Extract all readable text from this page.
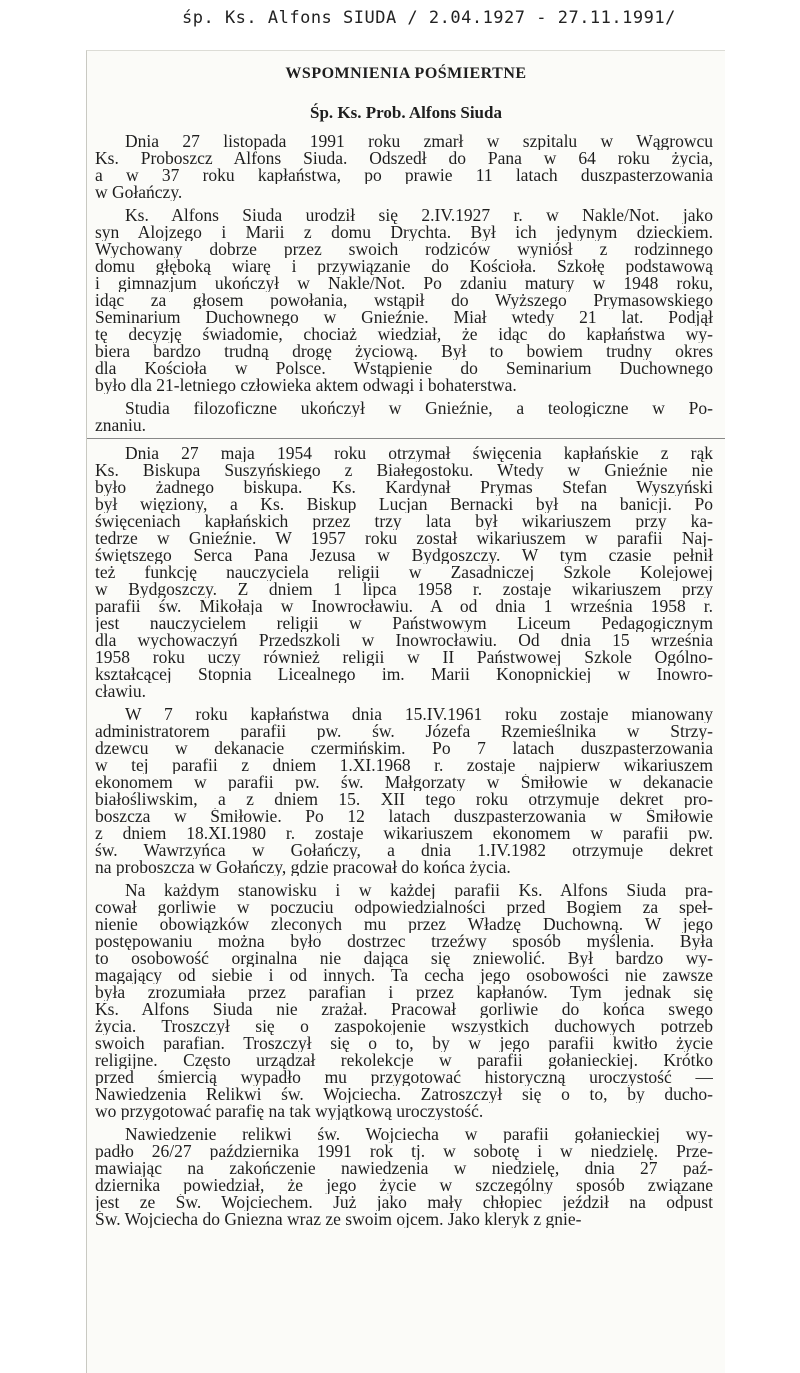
śp. Ks. Alfons SIUDA / 2.04.1927 - 27.11.1991/
WSPOMNIENIA POŚMIERTNE
Śp. Ks. Prob. Alfons Siuda
Dnia 27 listopada 1991 roku zmarł w szpitalu w Wągrowcu
Ks. Proboszcz Alfons Siuda. Odszedł do Pana w 64 roku życia,
a w 37 roku kapłaństwa, po prawie 11 latach duszpasterzowania
w Gołańczy.
Ks. Alfons Siuda urodził się 2.IV.1927 r. w Nakle/Not. jako
syn Alojzego i Marii z domu Drychta. Był ich jedynym dzieckiem.
Wychowany dobrze przez swoich rodziców wyniósł z rodzinnego
domu głęboką wiarę i przywiązanie do Kościoła. Szkołę podstawową
i gimnazjum ukończył w Nakle/Not. Po zdaniu matury w 1948 roku,
idąc za głosem powołania, wstąpił do Wyższego Prymasowskiego
Seminarium Duchownego w Gnieźnie. Miał wtedy 21 lat. Podjął
tę decyzję świadomie, chociaż wiedział, że idąc do kapłaństwa wy-
biera bardzo trudną drogę życiową. Był to bowiem trudny okres
dla Kościoła w Polsce. Wstąpienie do Seminarium Duchownego
było dla 21-letniego człowieka aktem odwagi i bohaterstwa.
Studia filozoficzne ukończył w Gnieźnie, a teologiczne w Po-
znaniu.
Dnia 27 maja 1954 roku otrzymał święcenia kapłańskie z rąk
Ks. Biskupa Suszyńskiego z Białegostoku. Wtedy w Gnieźnie nie
było żadnego biskupa. Ks. Kardynał Prymas Stefan Wyszyński
był więziony, a Ks. Biskup Lucjan Bernacki był na banicji. Po
święceniach kapłańskich przez trzy lata był wikariuszem przy ka-
tedrze w Gnieźnie. W 1957 roku został wikariuszem w parafii Naj-
świętszego Serca Pana Jezusa w Bydgoszczy. W tym czasie pełnił
też funkcję nauczyciela religii w Zasadniczej Szkole Kolejowej
w Bydgoszczy. Z dniem 1 lipca 1958 r. zostaje wikariuszem przy
parafii św. Mikołaja w Inowrocławiu. A od dnia 1 września 1958 r.
jest nauczycielem religii w Państwowym Liceum Pedagogicznym
dla wychowaczyń Przedszkoli w Inowrocławiu. Od dnia 15 września
1958 roku uczy również religii w II Państwowej Szkole Ogólno-
kształcącej Stopnia Licealnego im. Marii Konopnickiej w Inowro-
cławiu.
W 7 roku kapłaństwa dnia 15.IV.1961 roku zostaje mianowany
administratorem parafii pw. św. Józefa Rzemieślnika w Strzy-
dzewcu w dekanacie czermińskim. Po 7 latach duszpasterzowania
w tej parafii z dniem 1.XI.1968 r. zostaje najpierw wikariuszem
ekonomem w parafii pw. św. Małgorzaty w Śmiłowie w dekanacie
białośliwskim, a z dniem 15. XII tego roku otrzymuje dekret pro-
boszcza w Śmiłowie. Po 12 latach duszpasterzowania w Śmiłowie
z dniem 18.XI.1980 r. zostaje wikariuszem ekonomem w parafii pw.
św. Wawrzyńca w Gołańczy, a dnia 1.IV.1982 otrzymuje dekret
na proboszcza w Gołańczy, gdzie pracował do końca życia.
Na każdym stanowisku i w każdej parafii Ks. Alfons Siuda pra-
cował gorliwie w poczuciu odpowiedzialności przed Bogiem za speł-
nienie obowiązków zleconych mu przez Władzę Duchowną. W jego
postępowaniu można było dostrzec trzeźwy sposób myślenia. Była
to osobowość orginalna nie dająca się zniewolić. Był bardzo wy-
magający od siebie i od innych. Ta cecha jego osobowości nie zawsze
była zrozumiała przez parafian i przez kapłanów. Tym jednak się
Ks. Alfons Siuda nie zrażał. Pracował gorliwie do końca swego
życia. Troszczył się o zaspokojenie wszystkich duchowych potrzeb
swoich parafian. Troszczył się o to, by w jego parafii kwitło życie
religijne. Często urządzał rekolekcje w parafii gołanieckiej. Krótko
przed śmiercią wypadło mu przygotować historyczną uroczystość —
Nawiedzenia Relikwi św. Wojciecha. Zatroszczył się o to, by ducho-
wo przygotować parafię na tak wyjątkową uroczystość.
Nawiedzenie relikwi św. Wojciecha w parafii gołanieckiej wy-
padło 26/27 października 1991 rok tj. w sobotę i w niedzielę. Prze-
mawiając na zakończenie nawiedzenia w niedzielę, dnia 27 paź-
dziernika powiedział, że jego życie w szczególny sposób związane
jest ze Św. Wojciechem. Już jako mały chłopiec jeździł na odpust
Św. Wojciecha do Gniezna wraz ze swoim ojcem. Jako kleryk z gnie-
